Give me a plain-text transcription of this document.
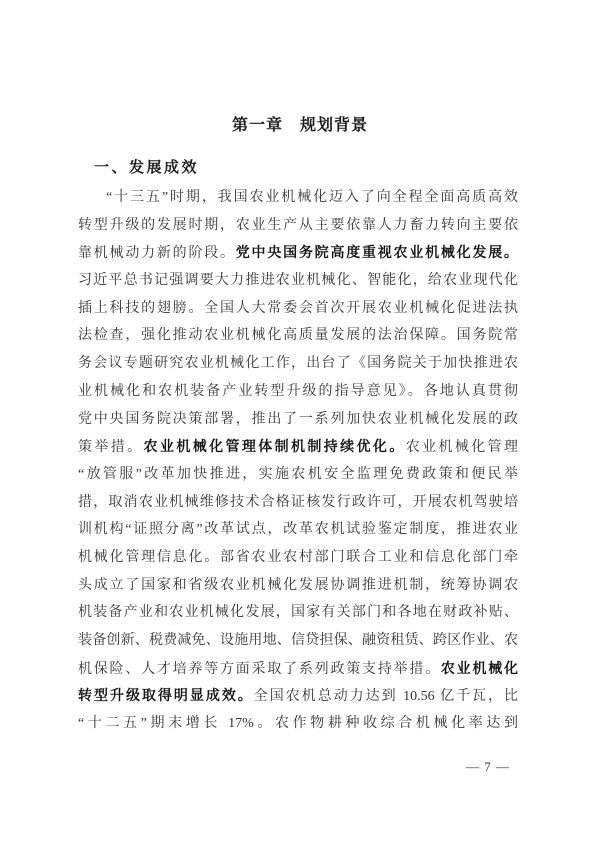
第一章　规划背景
一、发展成效
“十三五”时期，我国农业机械化迈入了向全程全面高质高效
转型升级的发展时期，农业生产从主要依靠人力畜力转向主要依
靠机械动力新的阶段。党中央国务院高度重视农业机械化发展。
习近平总书记强调要大力推进农业机械化、智能化，给农业现代化
插上科技的翅膀。全国人大常委会首次开展农业机械化促进法执
法检查，强化推动农业机械化高质量发展的法治保障。国务院常
务会议专题研究农业机械化工作，出台了《国务院关于加快推进农
业机械化和农机装备产业转型升级的指导意见》。各地认真贯彻
党中央国务院决策部署，推出了一系列加快农业机械化发展的政
策举措。农业机械化管理体制机制持续优化。农业机械化管理
“放管服”改革加快推进，实施农机安全监理免费政策和便民举
措，取消农业机械维修技术合格证核发行政许可，开展农机驾驶培
训机构“证照分离”改革试点，改革农机试验鉴定制度，推进农业
机械化管理信息化。部省农业农村部门联合工业和信息化部门牵
头成立了国家和省级农业机械化发展协调推进机制，统筹协调农
机装备产业和农业机械化发展，国家有关部门和各地在财政补贴、
装备创新、税费减免、设施用地、信贷担保、融资租赁、跨区作业、农
机保险、人才培养等方面采取了系列政策支持举措。农业机械化
转型升级取得明显成效。全国农机总动力达到 10.56 亿千瓦，比
“十二五”期末增长 17%。农作物耕种收综合机械化率达到
— 7 —
